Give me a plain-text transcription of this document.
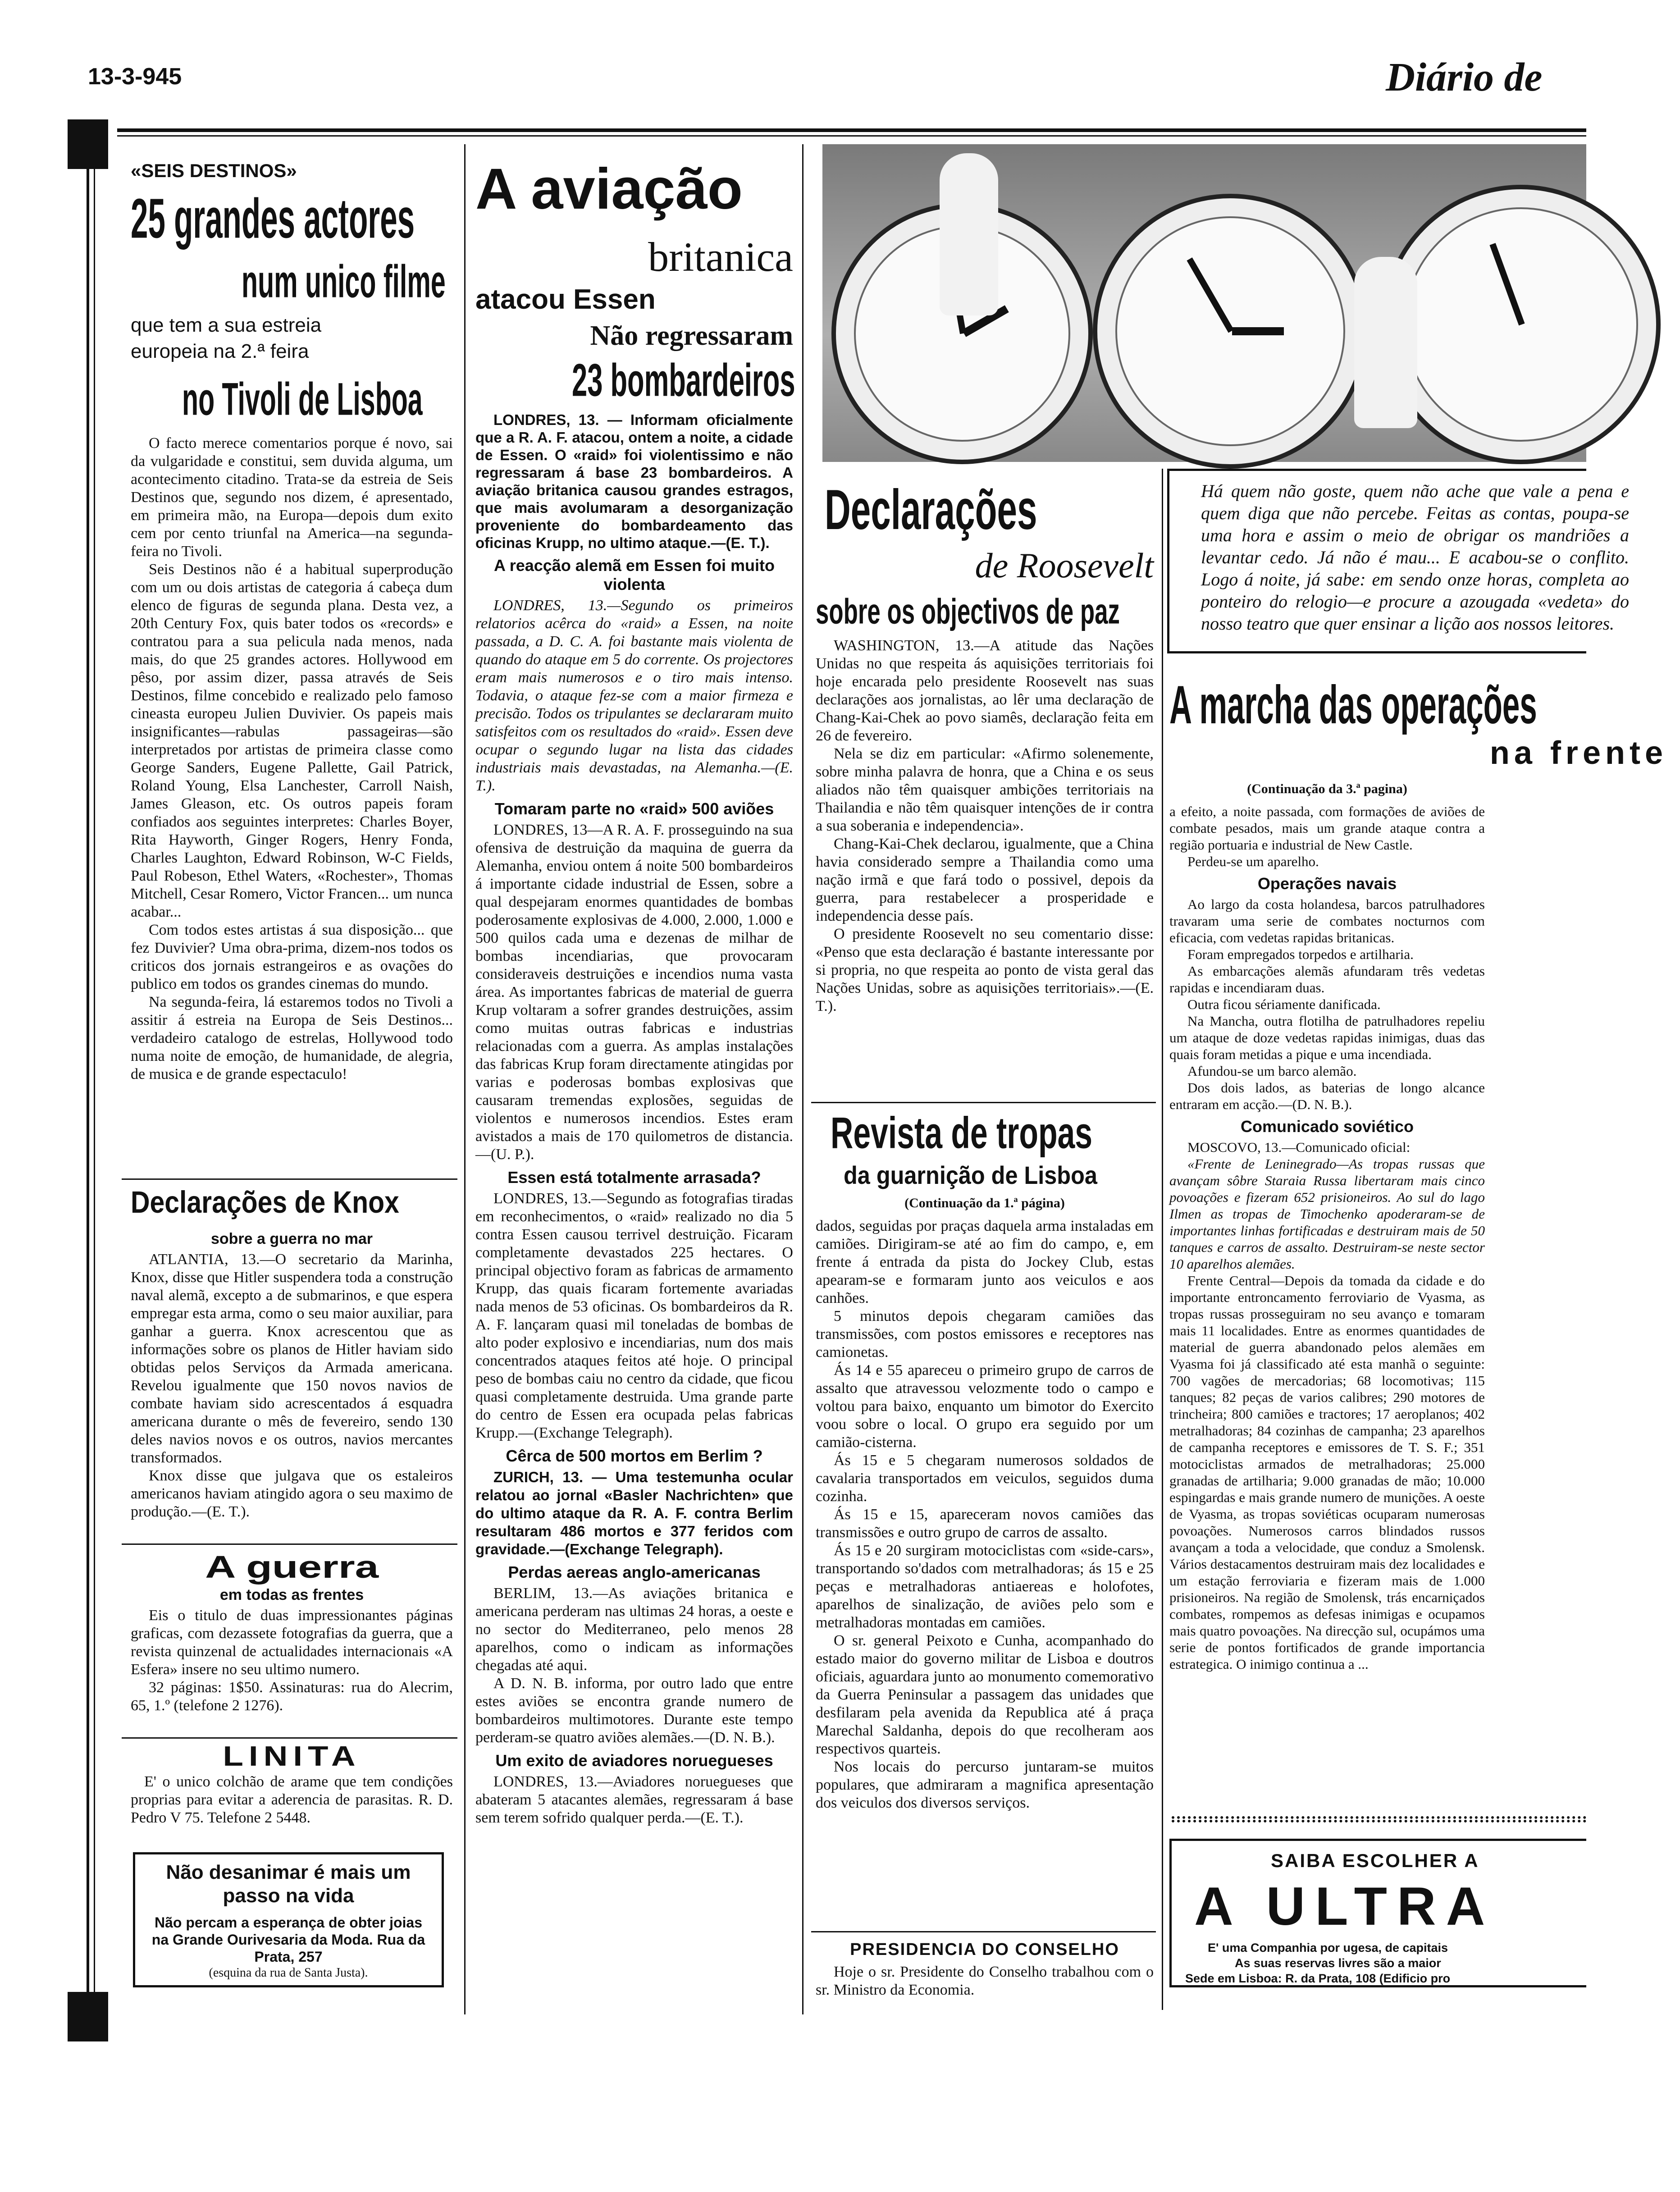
13-3-945	Diário de
«SEIS DESTINOS»
25 grandes actores
num unico filme
que tem a sua estreia europeia na 2.ª feira
no Tivoli de Lisboa

O facto merece comentarios porque é novo, sai da vulgaridade e constitui, sem duvida alguma, um acontecimento citadino. Trata-se da estreia de Seis Destinos que, segundo nos dizem, é apresentado, em primeira mão, na Europa—depois dum exito cem por cento triunfal na America—na segunda-feira no Tivoli.

Seis Destinos não é a habitual superprodução com um ou dois artistas de categoria á cabeça dum elenco de figuras de segunda plana. Desta vez, a 20th Century Fox, quis bater todos os «records» e contratou para a sua pelicula nada menos, nada mais, do que 25 grandes actores. Hollywood em pêso, por assim dizer, passa através de Seis Destinos, filme concebido e realizado pelo famoso cineasta europeu Julien Duvivier. Os papeis mais insignificantes—rabulas passageiras—são interpretados por artistas de primeira classe como George Sanders, Eugene Pallette, Gail Patrick, Roland Young, Elsa Lanchester, Carroll Naish, James Gleason, etc. Os outros papeis foram confiados aos seguintes interpretes: Charles Boyer, Rita Hayworth, Ginger Rogers, Henry Fonda, Charles Laughton, Edward Robinson, W-C Fields, Paul Robeson, Ethel Waters, «Rochester», Thomas Mitchell, Cesar Romero, Victor Francen... um nunca acabar...

Com todos estes artistas á sua disposição... que fez Duvivier? Uma obra-prima, dizem-nos todos os criticos dos jornais estrangeiros e as ovações do publico em todos os grandes cinemas do mundo.

Na segunda-feira, lá estaremos todos no Tivoli a assitir á estreia na Europa de Seis Destinos... verdadeiro catalogo de estrelas, Hollywood todo numa noite de emoção, de humanidade, de alegria, de musica e de grande espectaculo!

Declarações de Knox
sobre a guerra no mar

ATLANTIA, 13.—O secretario da Marinha, Knox, disse que Hitler suspendera toda a construção naval alemã, excepto a de submarinos, e que espera empregar esta arma, como o seu maior auxiliar, para ganhar a guerra. Knox acrescentou que as informações sobre os planos de Hitler haviam sido obtidas pelos Serviços da Armada americana. Revelou igualmente que 150 novos navios de combate haviam sido acrescentados á esquadra americana durante o mês de fevereiro, sendo 130 deles navios novos e os outros, navios mercantes transformados.

Knox disse que julgava que os estaleiros americanos haviam atingido agora o seu maximo de produção.—(E. T.).

A guerra
em todas as frentes

Eis o titulo de duas impressionantes páginas graficas, com dezassete fotografias da guerra, que a revista quinzenal de actualidades internacionais «A Esfera» insere no seu ultimo numero.

32 páginas: 1$50. Assinaturas: rua do Alecrim, 65, 1.º (telefone 2 1276).

LINITA

E' o unico colchão de arame que tem condições proprias para evitar a aderencia de parasitas. R. D. Pedro V 75. Telefone 2 5448.

Não desanimar é mais um passo na vida
Não percam a esperança de obter joias na Grande Ourivesaria da Moda. Rua da Prata, 257
(esquina da rua de Santa Justa).
A aviação
britanica
atacou Essen
Não regressaram
23 bombardeiros

LONDRES, 13. — Informam oficialmente que a R. A. F. atacou, ontem a noite, a cidade de Essen. O «raid» foi violentissimo e não regressaram á base 23 bombardeiros. A aviação britanica causou grandes estragos, que mais avolumaram a desorganização proveniente do bombardeamento das oficinas Krupp, no ultimo ataque.—(E. T.).

A reacção alemã em Essen foi muito violenta

LONDRES, 13.—Segundo os primeiros relatorios acêrca do «raid» a Essen, na noite passada, a D. C. A. foi bastante mais violenta de quando do ataque em 5 do corrente. Os projectores eram mais numerosos e o tiro mais intenso. Todavia, o ataque fez-se com a maior firmeza e precisão. Todos os tripulantes se declararam muito satisfeitos com os resultados do «raid». Essen deve ocupar o segundo lugar na lista das cidades industriais mais devastadas, na Alemanha.—(E. T.).

Tomaram parte no «raid» 500 aviões

LONDRES, 13—A R. A. F. prosseguindo na sua ofensiva de destruição da maquina de guerra da Alemanha, enviou ontem á noite 500 bombardeiros á importante cidade industrial de Essen, sobre a qual despejaram enormes quantidades de bombas poderosamente explosivas de 4.000, 2.000, 1.000 e 500 quilos cada uma e dezenas de milhar de bombas incendiarias, que provocaram consideraveis destruições e incendios numa vasta área. As importantes fabricas de material de guerra Krup voltaram a sofrer grandes destruições, assim como muitas outras fabricas e industrias relacionadas com a guerra. As amplas instalações das fabricas Krup foram directamente atingidas por varias e poderosas bombas explosivas que causaram tremendas explosões, seguidas de violentos e numerosos incendios. Estes eram avistados a mais de 170 quilometros de distancia.—(U. P.).

Essen está totalmente arrasada?

LONDRES, 13.—Segundo as fotografias tiradas em reconhecimentos, o «raid» realizado no dia 5 contra Essen causou terrivel destruição. Ficaram completamente devastados 225 hectares. O principal objectivo foram as fabricas de armamento Krupp, das quais ficaram fortemente avariadas nada menos de 53 oficinas. Os bombardeiros da R. A. F. lançaram quasi mil toneladas de bombas de alto poder explosivo e incendiarias, num dos mais concentrados ataques feitos até hoje. O principal peso de bombas caiu no centro da cidade, que ficou quasi completamente destruida. Uma grande parte do centro de Essen era ocupada pelas fabricas Krupp.—(Exchange Telegraph).

Cêrca de 500 mortos em Berlim ?

ZURICH, 13. — Uma testemunha ocular relatou ao jornal «Basler Nachrichten» que do ultimo ataque da R. A. F. contra Berlim resultaram 486 mortos e 377 feridos com gravidade.—(Exchange Telegraph).

Perdas aereas anglo-americanas

BERLIM, 13.—As aviações britanica e americana perderam nas ultimas 24 horas, a oeste e no sector do Mediterraneo, pelo menos 28 aparelhos, como o indicam as informações chegadas até aqui.

A D. N. B. informa, por outro lado que entre estes aviões se encontra grande numero de bombardeiros multimotores. Durante este tempo perderam-se quatro aviões alemães.—(D. N. B.).

Um exito de aviadores noruegueses

LONDRES, 13.—Aviadores noruegueses que abateram 5 atacantes alemães, regressaram á base sem terem sofrido qualquer perda.—(E. T.).

Há quem não goste, quem não ache que vale a pena e quem diga que não percebe. Feitas as contas, poupa-se uma hora e assim o meio de obrigar os mandriões a levantar cedo. Já não é mau... E acabou-se o conflito. Logo á noite, já sabe: em sendo onze horas, completa ao ponteiro do relogio—e procure a azougada «vedeta» do nosso teatro que quer ensinar a lição aos nossos leitores.
Declarações
de Roosevelt
sobre os objectivos de paz

WASHINGTON, 13.—A atitude das Nações Unidas no que respeita ás aquisições territoriais foi hoje encarada pelo presidente Roosevelt nas suas declarações aos jornalistas, ao lêr uma declaração de Chang-Kai-Chek ao povo siamês, declaração feita em 26 de fevereiro.

Nela se diz em particular: «Afirmo solenemente, sobre minha palavra de honra, que a China e os seus aliados não têm quaisquer ambições territoriais na Thailandia e não têm quaisquer intenções de ir contra a sua soberania e independencia».

Chang-Kai-Chek declarou, igualmente, que a China havia considerado sempre a Thailandia como uma nação irmã e que fará todo o possivel, depois da guerra, para restabelecer a prosperidade e independencia desse país.

O presidente Roosevelt no seu comentario disse: «Penso que esta declaração é bastante interessante por si propria, no que respeita ao ponto de vista geral das Nações Unidas, sobre as aquisições territoriais».—(E. T.).

Revista de tropas
da guarnição de Lisboa
(Continuação da 1.ª página)

dados, seguidas por praças daquela arma instaladas em camiões. Dirigiram-se até ao fim do campo, e, em frente á entrada da pista do Jockey Club, estas apearam-se e formaram junto aos veiculos e aos canhões.

5 minutos depois chegaram camiões das transmissões, com postos emissores e receptores nas camionetas.

Ás 14 e 55 apareceu o primeiro grupo de carros de assalto que atravessou velozmente todo o campo e voltou para baixo, enquanto um bimotor do Exercito voou sobre o local. O grupo era seguido por um camião-cisterna.

Ás 15 e 5 chegaram numerosos soldados de cavalaria transportados em veiculos, seguidos duma cozinha.

Ás 15 e 15, apareceram novos camiões das transmissões e outro grupo de carros de assalto.

Ás 15 e 20 surgiram motociclistas com «side-cars», transportando so'dados com metralhadoras; ás 15 e 25 peças e metralhadoras antiaereas e holofotes, aparelhos de sinalização, de aviões pelo som e metralhadoras montadas em camiões.

O sr. general Peixoto e Cunha, acompanhado do estado maior do governo militar de Lisboa e doutros oficiais, aguardara junto ao monumento comemorativo da Guerra Peninsular a passagem das unidades que desfilaram pela avenida da Republica até á praça Marechal Saldanha, depois do que recolheram aos respectivos quarteis.

Nos locais do percurso juntaram-se muitos populares, que admiraram a magnifica apresentação dos veiculos dos diversos serviços.

PRESIDENCIA DO CONSELHO

Hoje o sr. Presidente do Conselho trabalhou com o sr. Ministro da Economia.

A marcha das operações
na frente
(Continuação da 3.ª pagina)

a efeito, a noite passada, com formações de aviões de combate pesados, mais um grande ataque contra a região portuaria e industrial de New Castle.

Perdeu-se um aparelho.

Operações navais

Ao largo da costa holandesa, barcos patrulhadores travaram uma serie de combates nocturnos com eficacia, com vedetas rapidas britanicas.

Foram empregados torpedos e artilharia.

As embarcações alemãs afundaram três vedetas rapidas e incendiaram duas.

Outra ficou sériamente danificada.

Na Mancha, outra flotilha de patrulhadores repeliu um ataque de doze vedetas rapidas inimigas, duas das quais foram metidas a pique e uma incendiada.

Afundou-se um barco alemão.

Dos dois lados, as baterias de longo alcance entraram em acção.—(D. N. B.).

Comunicado soviético

MOSCOVO, 13.—Comunicado oficial:

«Frente de Leninegrado—As tropas russas que avançam sôbre Staraia Russa libertaram mais cinco povoações e fizeram 652 prisioneiros. Ao sul do lago Ilmen as tropas de Timochenko apoderaram-se de importantes linhas fortificadas e destruiram mais de 50 tanques e carros de assalto. Destruiram-se neste sector 10 aparelhos alemães.

Frente Central—Depois da tomada da cidade e do importante entroncamento ferroviario de Vyasma, as tropas russas prosseguiram no seu avanço e tomaram mais 11 localidades. Entre as enormes quantidades de material de guerra abandonado pelos alemães em Vyasma foi já classificado até esta manhã o seguinte: 700 vagões de mercadorias; 68 locomotivas; 115 tanques; 82 peças de varios calibres; 290 motores de trincheira; 800 camiões e tractores; 17 aeroplanos; 402 metralhadoras; 84 cozinhas de campanha; 23 aparelhos de campanha receptores e emissores de T. S. F.; 351 motociclistas armados de metralhadoras; 25.000 granadas de artilharia; 9.000 granadas de mão; 10.000 espingardas e mais grande numero de munições. A oeste de Vyasma, as tropas soviéticas ocuparam numerosas povoações. Numerosos carros blindados russos avançam a toda a velocidade, que conduz a Smolensk. Vários destacamentos destruiram mais dez localidades e um estação ferroviaria e fizeram mais de 1.000 prisioneiros. Na região de Smolensk, trás encarniçados combates, rompemos as defesas inimigas e ocupamos mais quatro povoações. Na direcção sul, ocupámos uma serie de pontos fortificados de grande importancia estrategica. O inimigo continua a ...

SAIBA ESCOLHER A
A ULTRA
E' uma Companhia por ugesa, de capitais
As suas reservas livres são a maior
Sede em Lisboa: R. da Prata, 108 (Edificio pro
